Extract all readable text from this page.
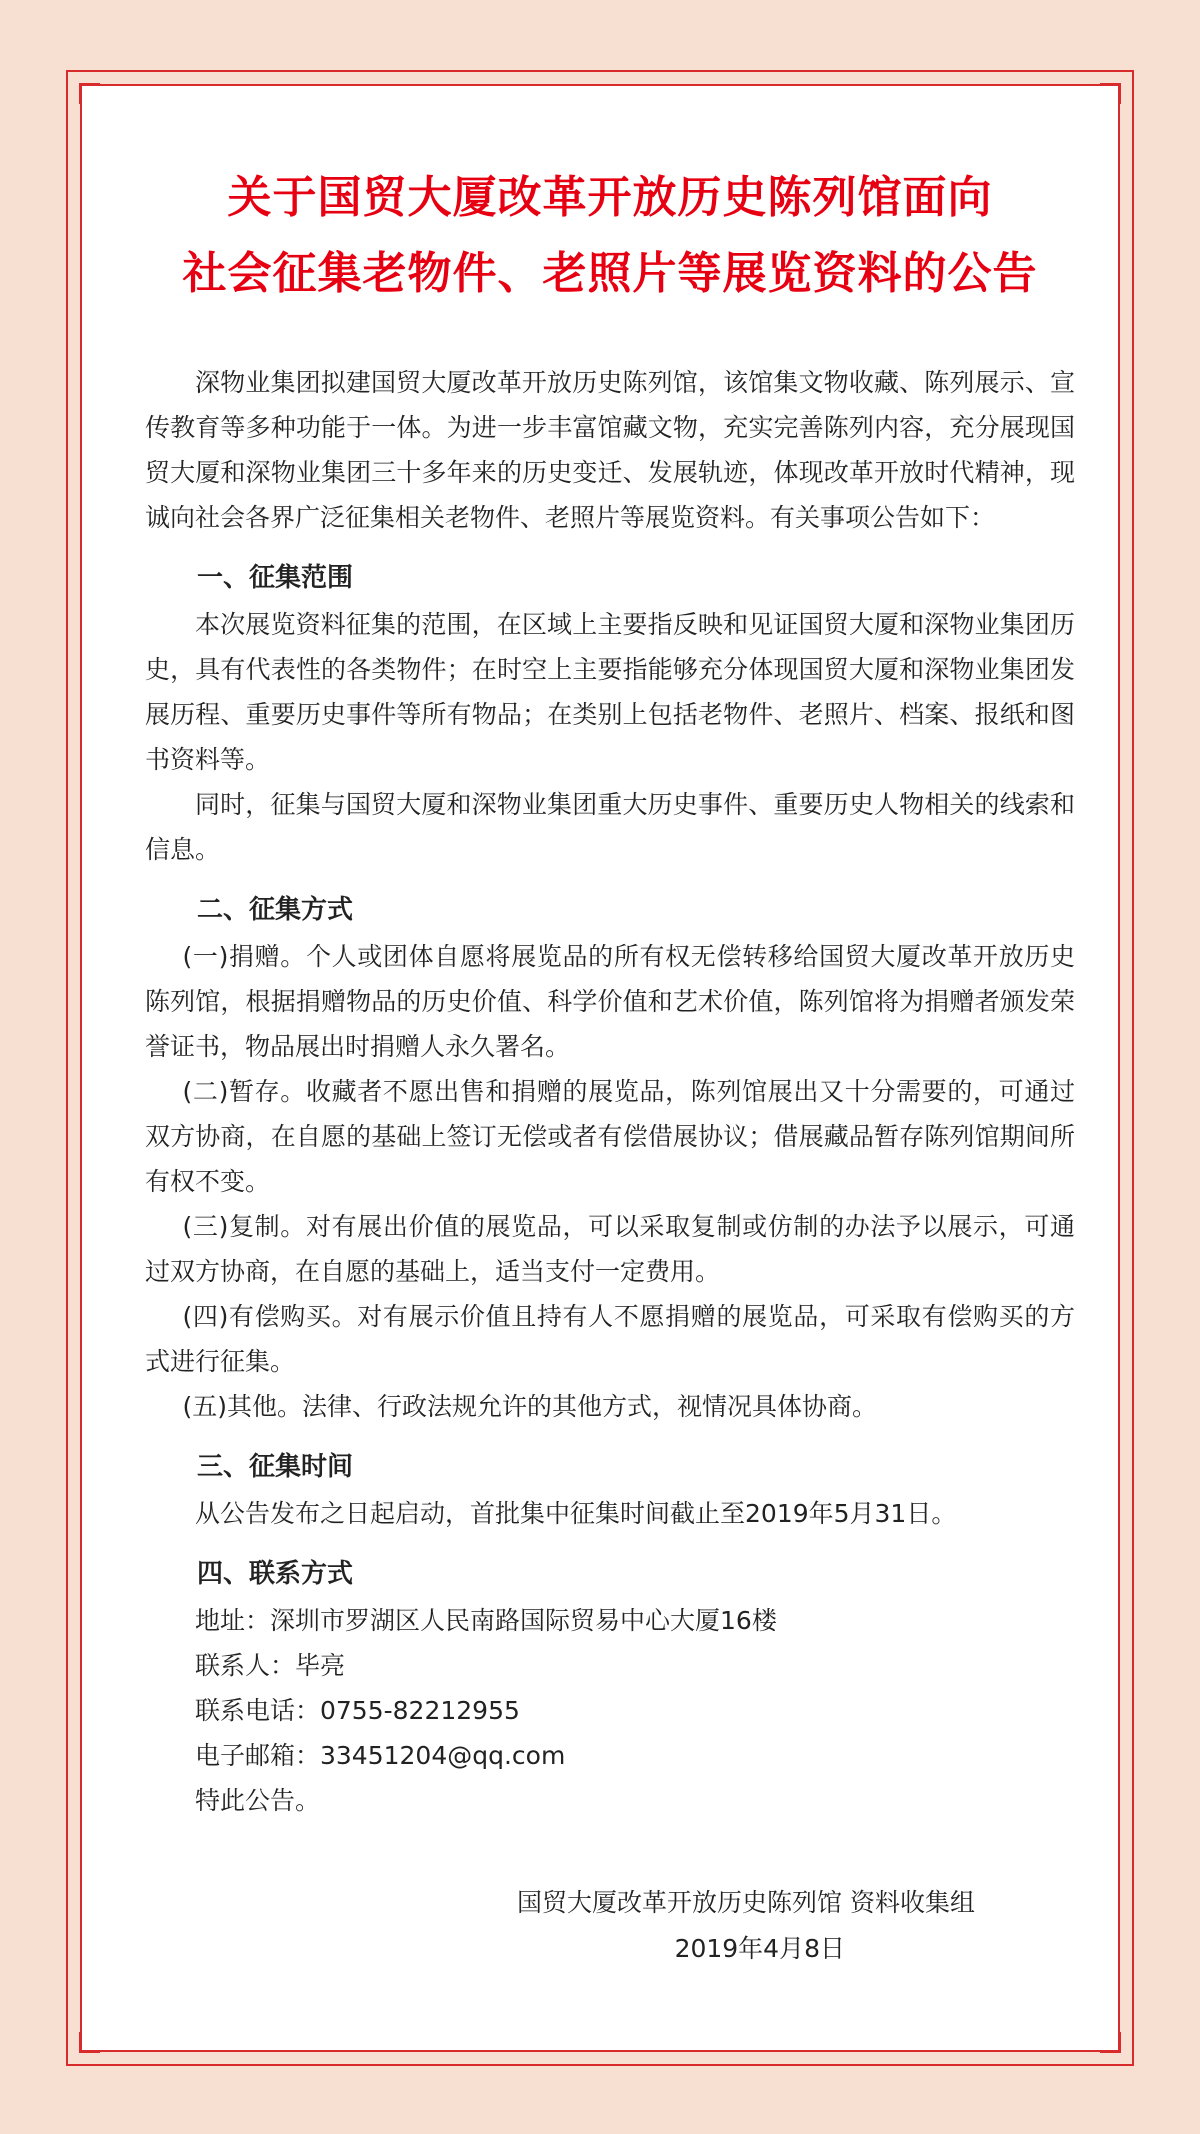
关于国贸大厦改革开放历史陈列馆面向
社会征集老物件、老照片等展览资料的公告

深物业集团拟建国贸大厦改革开放历史陈列馆，该馆集文物收藏、陈列展示、宣传教育等多种功能于一体。为进一步丰富馆藏文物，充实完善陈列内容，充分展现国贸大厦和深物业集团三十多年来的历史变迁、发展轨迹，体现改革开放时代精神，现诚向社会各界广泛征集相关老物件、老照片等展览资料。有关事项公告如下：

一、征集范围

本次展览资料征集的范围，在区域上主要指反映和见证国贸大厦和深物业集团历史，具有代表性的各类物件；在时空上主要指能够充分体现国贸大厦和深物业集团发展历程、重要历史事件等所有物品；在类别上包括老物件、老照片、档案、报纸和图书资料等。

同时，征集与国贸大厦和深物业集团重大历史事件、重要历史人物相关的线索和信息。

二、征集方式

(一)捐赠。个人或团体自愿将展览品的所有权无偿转移给国贸大厦改革开放历史陈列馆，根据捐赠物品的历史价值、科学价值和艺术价值，陈列馆将为捐赠者颁发荣誉证书，物品展出时捐赠人永久署名。

(二)暂存。收藏者不愿出售和捐赠的展览品，陈列馆展出又十分需要的，可通过双方协商，在自愿的基础上签订无偿或者有偿借展协议；借展藏品暂存陈列馆期间所有权不变。

(三)复制。对有展出价值的展览品，可以采取复制或仿制的办法予以展示，可通过双方协商，在自愿的基础上，适当支付一定费用。

(四)有偿购买。对有展示价值且持有人不愿捐赠的展览品，可采取有偿购买的方式进行征集。

(五)其他。法律、行政法规允许的其他方式，视情况具体协商。

三、征集时间

从公告发布之日起启动，首批集中征集时间截止至2019年5月31日。

四、联系方式

地址：深圳市罗湖区人民南路国际贸易中心大厦16楼

联系人：毕亮

联系电话：0755-82212955

电子邮箱：33451204@qq.com

特此公告。

国贸大厦改革开放历史陈列馆 资料收集组
2019年4月8日
